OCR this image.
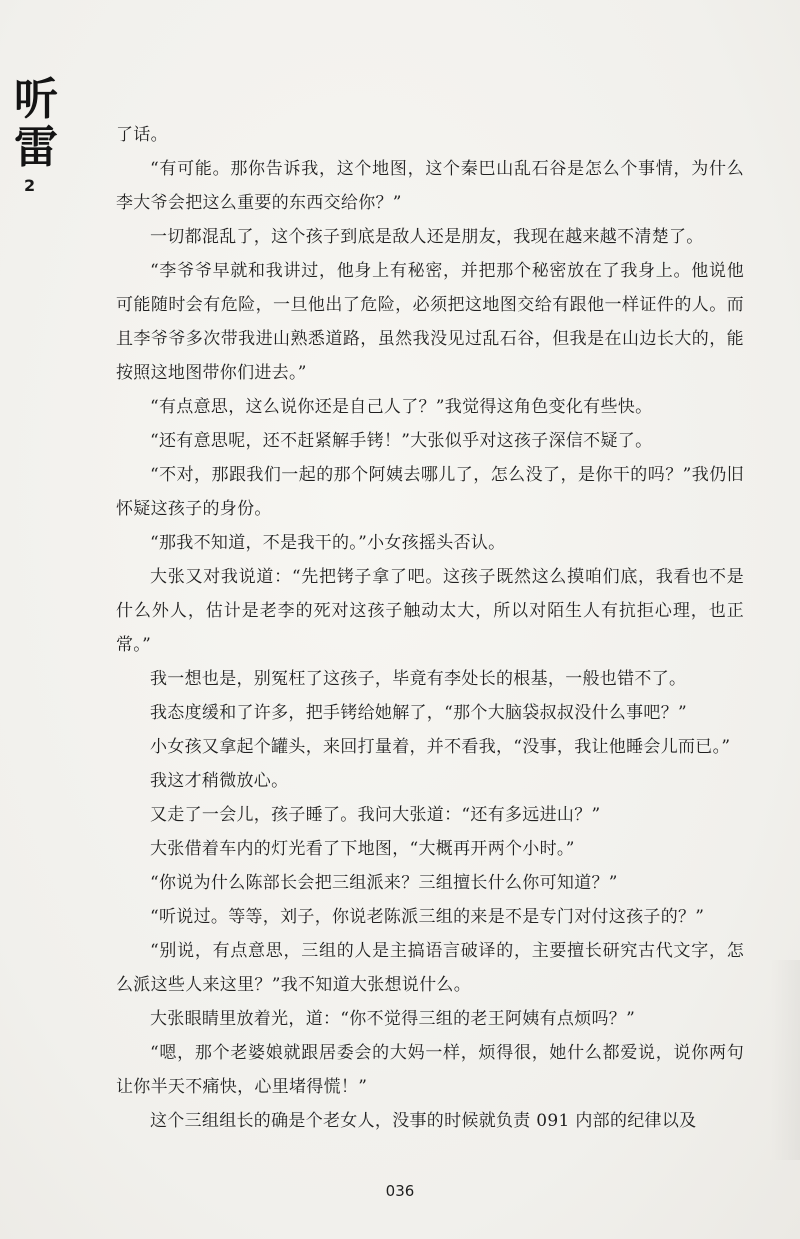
听
雷
2

了话。

“有可能。那你告诉我，这个地图，这个秦巴山乱石谷是怎么个事情，为什么李大爷会把这么重要的东西交给你？”

一切都混乱了，这个孩子到底是敌人还是朋友，我现在越来越不清楚了。

“李爷爷早就和我讲过，他身上有秘密，并把那个秘密放在了我身上。他说他可能随时会有危险，一旦他出了危险，必须把这地图交给有跟他一样证件的人。而且李爷爷多次带我进山熟悉道路，虽然我没见过乱石谷，但我是在山边长大的，能按照这地图带你们进去。”

“有点意思，这么说你还是自己人了？”我觉得这角色变化有些快。

“还有意思呢，还不赶紧解手铐！”大张似乎对这孩子深信不疑了。

“不对，那跟我们一起的那个阿姨去哪儿了，怎么没了，是你干的吗？”我仍旧怀疑这孩子的身份。

“那我不知道，不是我干的。”小女孩摇头否认。

大张又对我说道：“先把铐子拿了吧。这孩子既然这么摸咱们底，我看也不是什么外人，估计是老李的死对这孩子触动太大，所以对陌生人有抗拒心理，也正常。”

我一想也是，别冤枉了这孩子，毕竟有李处长的根基，一般也错不了。

我态度缓和了许多，把手铐给她解了，“那个大脑袋叔叔没什么事吧？”

小女孩又拿起个罐头，来回打量着，并不看我，“没事，我让他睡会儿而已。”

我这才稍微放心。

又走了一会儿，孩子睡了。我问大张道：“还有多远进山？”

大张借着车内的灯光看了下地图，“大概再开两个小时。”

“你说为什么陈部长会把三组派来？三组擅长什么你可知道？”

“听说过。等等，刘子，你说老陈派三组的来是不是专门对付这孩子的？”

“别说，有点意思，三组的人是主搞语言破译的，主要擅长研究古代文字，怎么派这些人来这里？”我不知道大张想说什么。

大张眼睛里放着光，道：“你不觉得三组的老王阿姨有点烦吗？”

“嗯，那个老婆娘就跟居委会的大妈一样，烦得很，她什么都爱说，说你两句让你半天不痛快，心里堵得慌！”

这个三组组长的确是个老女人，没事的时候就负责 091 内部的纪律以及

036
